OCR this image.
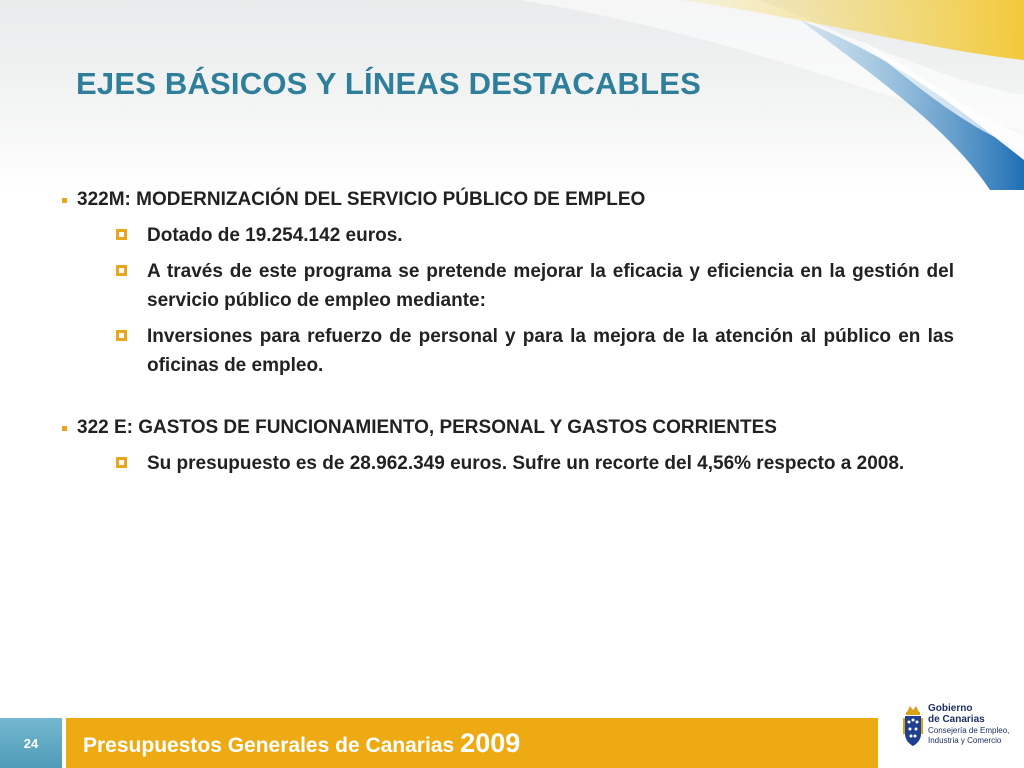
EJES BÁSICOS Y LÍNEAS DESTACABLES
322M: MODERNIZACIÓN DEL SERVICIO PÚBLICO DE EMPLEO
Dotado de 19.254.142 euros.
A través de este programa se pretende mejorar la eficacia y eficiencia en la gestión del servicio público de empleo mediante:
Inversiones para refuerzo de personal y para la mejora de la atención al público en las oficinas de empleo.
322 E: GASTOS DE FUNCIONAMIENTO, PERSONAL Y GASTOS CORRIENTES
Su presupuesto es de 28.962.349 euros. Sufre un recorte del 4,56% respecto a 2008.
24 Presupuestos Generales de Canarias 2009
Gobierno
de Canarias
Consejería de Empleo,
Industria y Comercio
